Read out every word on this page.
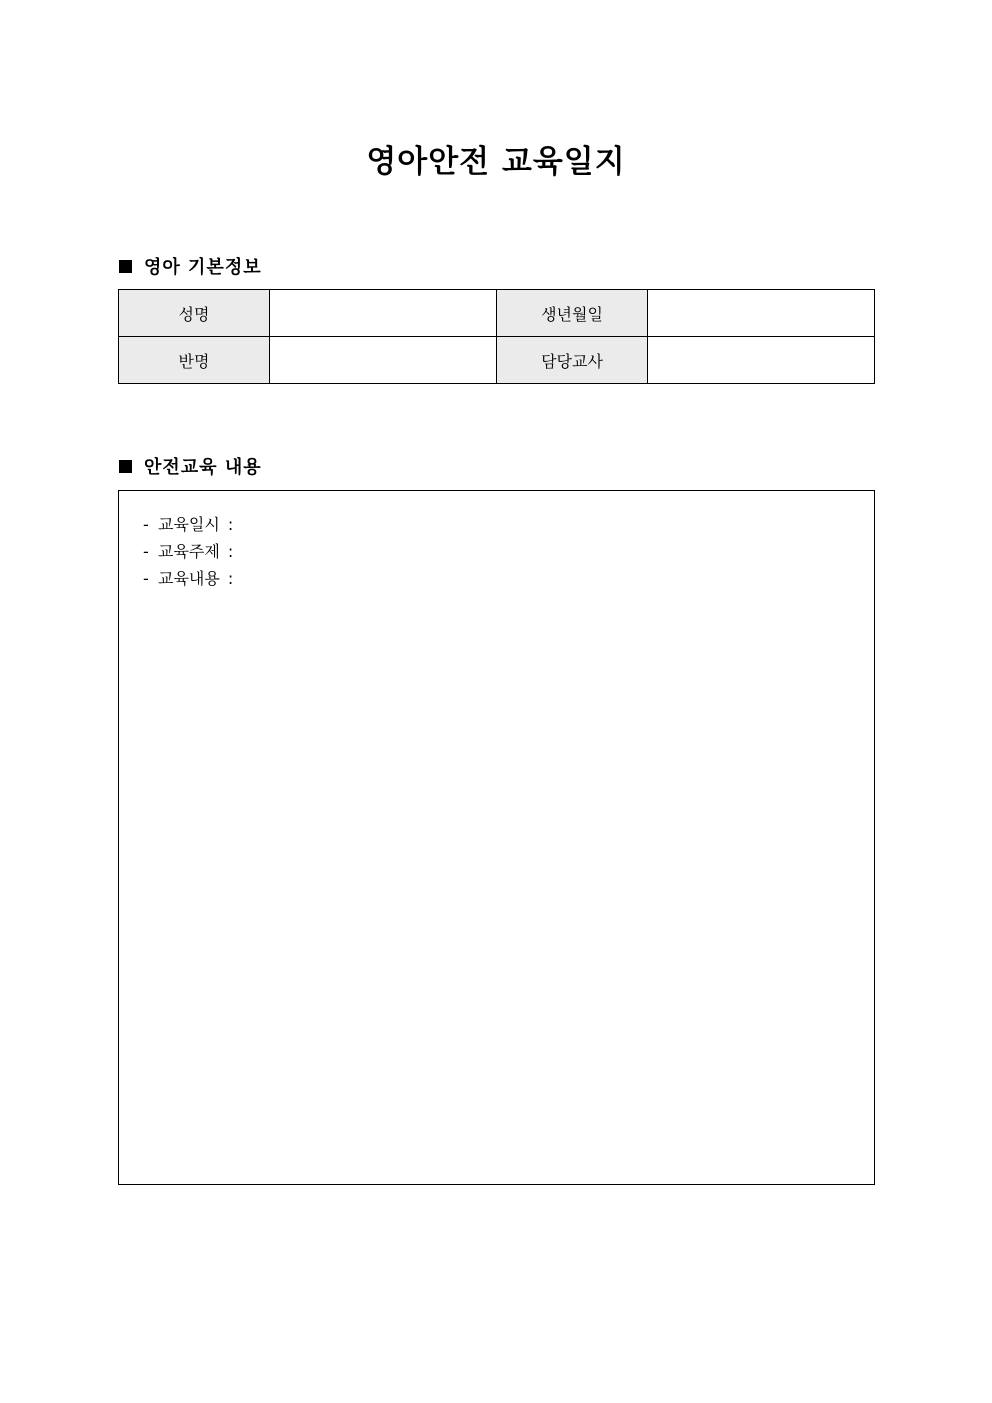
영아안전 교육일지
영아 기본정보
성명		생년월일	
반명		담당교사	
안전교육 내용
- 교육일시 :
- 교육주제 :
- 교육내용 :
